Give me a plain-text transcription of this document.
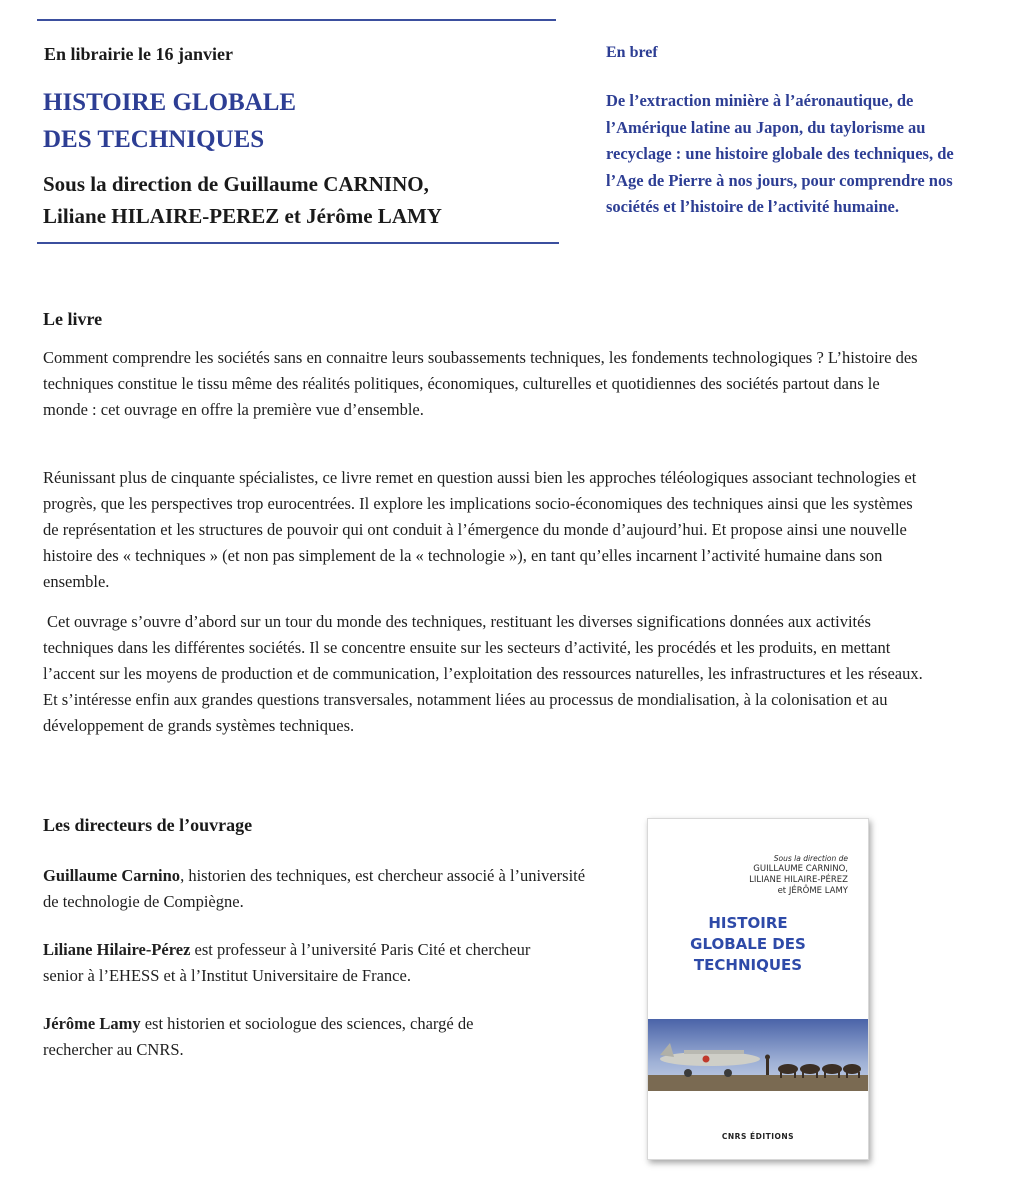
En librairie le 16 janvier
HISTOIRE GLOBALE
DES TECHNIQUES
Sous la direction de Guillaume CARNINO,
Liliane HILAIRE-PEREZ et Jérôme LAMY
En bref
De l’extraction minière à l’aéronautique, de l’Amérique latine au Japon, du taylorisme au recyclage : une histoire globale des techniques, de l’Age de Pierre à nos jours, pour comprendre nos sociétés et l’histoire de l’activité humaine.
Le livre

Comment comprendre les sociétés sans en connaitre leurs soubassements techniques, les fondements technologiques ? L’histoire des techniques constitue le tissu même des réalités politiques, économiques, culturelles et quotidiennes des sociétés partout dans le monde : cet ouvrage en offre la première vue d’ensemble.

Réunissant plus de cinquante spécialistes, ce livre remet en question aussi bien les approches téléologiques associant technologies et progrès, que les perspectives trop eurocentrées. Il explore les implications socio-économiques des techniques ainsi que les systèmes de représentation et les structures de pouvoir qui ont conduit à l’émergence du monde d’aujourd’hui. Et propose ainsi une nouvelle histoire des « techniques » (et non pas simplement de la « technologie »), en tant qu’elles incarnent l’activité humaine dans son ensemble.

Cet ouvrage s’ouvre d’abord sur un tour du monde des techniques, restituant les diverses significations données aux activités techniques dans les différentes sociétés. Il se concentre ensuite sur les secteurs d’activité, les procédés et les produits, en mettant l’accent sur les moyens de production et de communication, l’exploitation des ressources naturelles, les infrastructures et les réseaux. Et s’intéresse enfin aux grandes questions transversales, notamment liées au processus de mondialisation, à la colonisation et au développement de grands systèmes techniques.

Les directeurs de l’ouvrage

Guillaume Carnino, historien des techniques, est chercheur associé à l’université de technologie de Compiègne.

Liliane Hilaire-Pérez est professeur à l’université Paris Cité et chercheur senior à l’EHESS et à l’Institut Universitaire de France.

Jérôme Lamy est historien et sociologue des sciences, chargé de rechercher au CNRS.

Sous la direction de
GUILLAUME CARNINO,
LILIANE HILAIRE-PÉREZ
et JÉRÔME LAMY
HISTOIRE
GLOBALE DES
TECHNIQUES
CNRS ÉDITIONS
